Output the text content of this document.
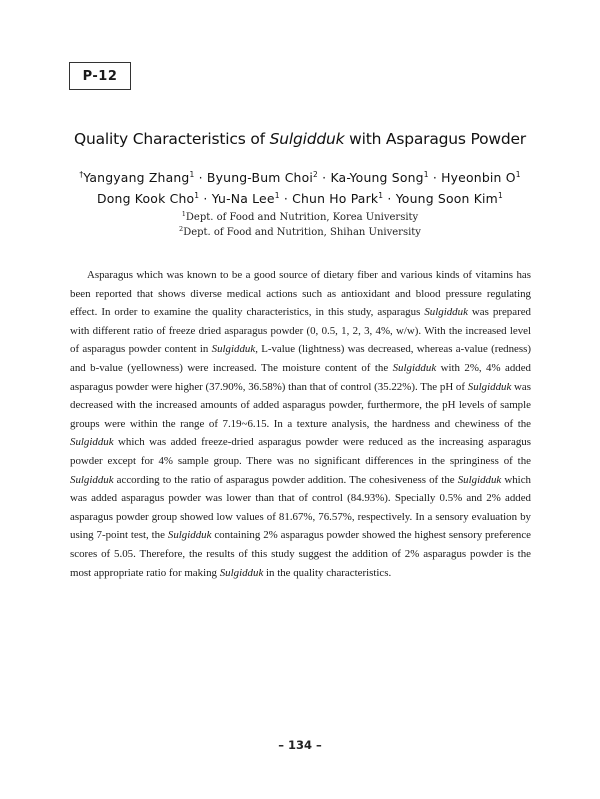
P-12
Quality Characteristics of Sulgidduk with Asparagus Powder
†Yangyang Zhang$^1$ · Byung-Bum Choi$^2$ · Ka-Young Song$^1$ · Hyeonbin $O^1$
Dong Kook Cho$^1$ · Yu-Na Lee$^1$ · Chun Ho Park$^1$ · Young Soon Kim$^1$
$^1$Dept. of Food and Nutrition, Korea University
$^2$Dept. of Food and Nutrition, Shihan University

Asparagus which was known to be a good source of dietary fiber and various kinds of vitamins has been reported that shows diverse medical actions such as antioxidant and blood pressure regulating effect. In order to examine the quality characteristics, in this study, asparagus Sulgidduk was prepared with different ratio of freeze dried asparagus powder (0, 0.5, 1, 2, 3, 4%, w/w). With the increased level of asparagus powder content in Sulgidduk, L-value (lightness) was decreased, whereas a-value (redness) and b-value (yellowness) were increased. The moisture content of the Sulgidduk with 2%, 4% added asparagus powder were higher (37.90%, 36.58%) than that of control (35.22%). The pH of Sulgidduk was decreased with the increased amounts of added asparagus powder, furthermore, the pH levels of sample groups were within the range of 7.19~6.15. In a texture analysis, the hardness and chewiness of the Sulgidduk which was added freeze-dried asparagus powder were reduced as the increasing asparagus powder except for 4% sample group. There was no significant differences in the springiness of the Sulgidduk according to the ratio of asparagus powder addition. The cohesiveness of the Sulgidduk which was added asparagus powder was lower than that of control (84.93%). Specially 0.5% and 2% added asparagus powder group showed low values of 81.67%, 76.57%, respectively. In a sensory evaluation by using 7-point test, the Sulgidduk containing 2% asparagus powder showed the highest sensory preference scores of 5.05. Therefore, the results of this study suggest the addition of 2% asparagus powder is the most appropriate ratio for making Sulgidduk in the quality characteristics.

– 134 –
